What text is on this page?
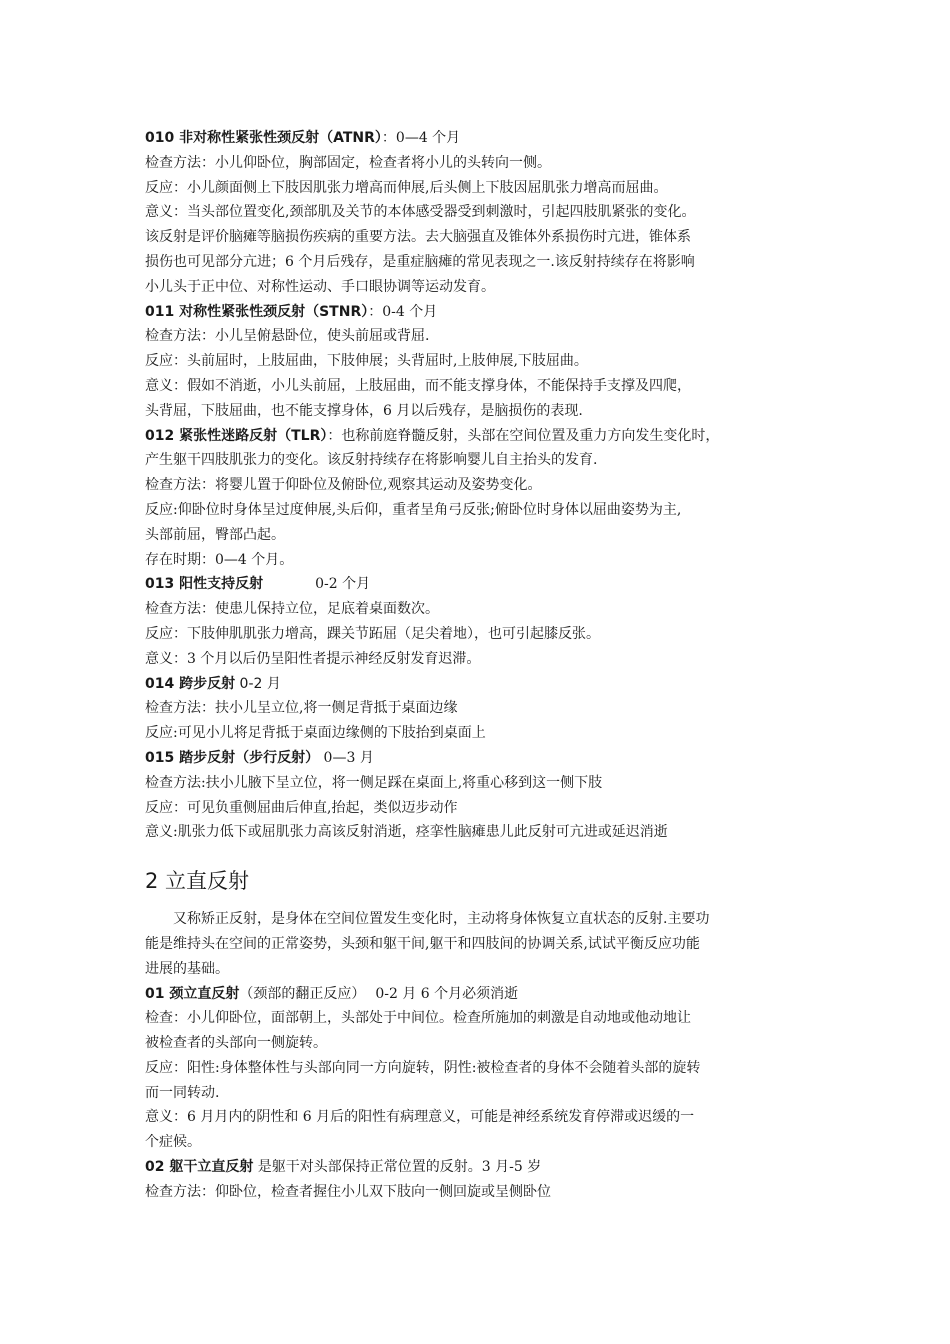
010 非对称性紧张性颈反射（ATNR）：0—4 个月
检查方法：小儿仰卧位，胸部固定，检查者将小儿的头转向一侧。
反应：小儿颜面侧上下肢因肌张力增高而伸展,后头侧上下肢因屈肌张力增高而屈曲。
意义：当头部位置变化,颈部肌及关节的本体感受器受到刺激时，引起四肢肌紧张的变化。
该反射是评价脑瘫等脑损伤疾病的重要方法。去大脑强直及锥体外系损伤时亢进，锥体系
损伤也可见部分亢进；6 个月后残存，是重症脑瘫的常见表现之一.该反射持续存在将影响
小儿头于正中位、对称性运动、手口眼协调等运动发育。
011 对称性紧张性颈反射（STNR）：0-4 个月
检查方法：小儿呈俯悬卧位，使头前屈或背屈.
反应：头前屈时，上肢屈曲，下肢伸展；头背屈时,上肢伸展,下肢屈曲。
意义：假如不消逝，小儿头前屈，上肢屈曲，而不能支撑身体，不能保持手支撑及四爬，
头背屈，下肢屈曲，也不能支撑身体，6 月以后残存，是脑损伤的表现.
012 紧张性迷路反射（TLR）：也称前庭脊髓反射，头部在空间位置及重力方向发生变化时，
产生躯干四肢肌张力的变化。该反射持续存在将影响婴儿自主抬头的发育.
检查方法：将婴儿置于仰卧位及俯卧位,观察其运动及姿势变化。
反应:仰卧位时身体呈过度伸展,头后仰，重者呈角弓反张;俯卧位时身体以屈曲姿势为主,
头部前屈，臀部凸起。
存在时期：0—4 个月。
013 阳性支持反射	0-2 个月
检查方法：使患儿保持立位，足底着桌面数次。
反应：下肢伸肌肌张力增高，踝关节跖屈（足尖着地），也可引起膝反张。
意义：3 个月以后仍呈阳性者提示神经反射发育迟滞。
014 跨步反射 0-2 月
检查方法：扶小儿呈立位,将一侧足背抵于桌面边缘
反应:可见小儿将足背抵于桌面边缘侧的下肢抬到桌面上
015 踏步反射（步行反射） 0—3 月
检查方法:扶小儿腋下呈立位，将一侧足踩在桌面上,将重心移到这一侧下肢
反应：可见负重侧屈曲后伸直,抬起，类似迈步动作
意义:肌张力低下或屈肌张力高该反射消逝，痉挛性脑瘫患儿此反射可亢进或延迟消逝
2 立直反射
又称矫正反射，是身体在空间位置发生变化时，主动将身体恢复立直状态的反射.主要功
能是维持头在空间的正常姿势，头颈和躯干间,躯干和四肢间的协调关系,试试平衡反应功能
进展的基础。
01 颈立直反射（颈部的翻正反应） 0-2 月 6 个月必须消逝
检查：小儿仰卧位，面部朝上，头部处于中间位。检查所施加的刺激是自动地或他动地让
被检查者的头部向一侧旋转。
反应：阳性:身体整体性与头部向同一方向旋转，阴性:被检查者的身体不会随着头部的旋转
而一同转动.
意义：6 月月内的阴性和 6 月后的阳性有病理意义，可能是神经系统发育停滞或迟缓的一
个症候。
02 躯干立直反射 是躯干对头部保持正常位置的反射。3 月-5 岁
检查方法：仰卧位，检查者握住小儿双下肢向一侧回旋或呈侧卧位
